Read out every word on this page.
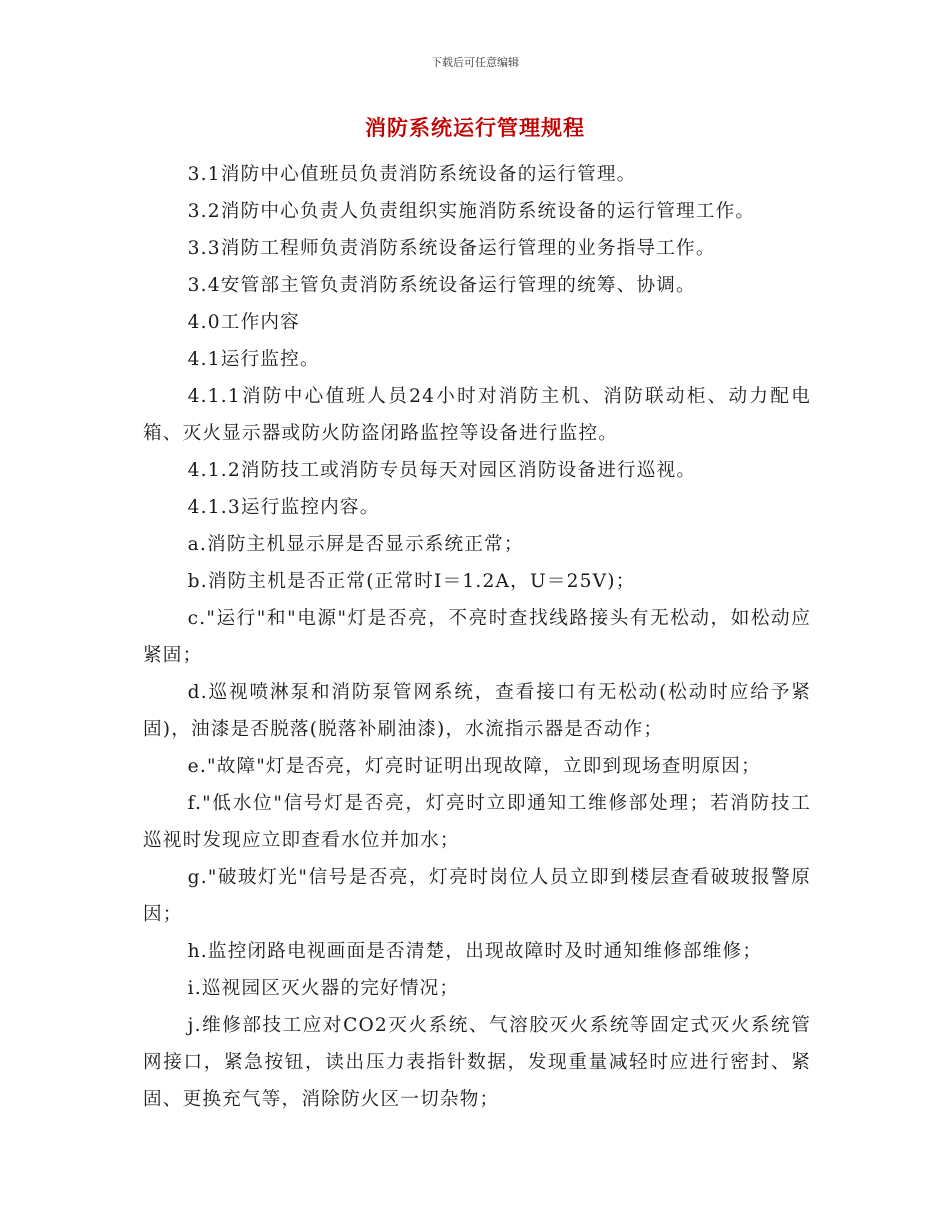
下载后可任意编辑
消防系统运行管理规程

3.1消防中心值班员负责消防系统设备的运行管理。

3.2消防中心负责人负责组织实施消防系统设备的运行管理工作。

3.3消防工程师负责消防系统设备运行管理的业务指导工作。

3.4安管部主管负责消防系统设备运行管理的统筹、协调。

4.0工作内容

4.1运行监控。

4.1.1消防中心值班人员24小时对消防主机、消防联动柜、动力配电箱、灭火显示器或防火防盗闭路监控等设备进行监控。

4.1.2消防技工或消防专员每天对园区消防设备进行巡视。

4.1.3运行监控内容。

a.消防主机显示屏是否显示系统正常；

b.消防主机是否正常(正常时I＝1.2A，U＝25V)；

c."运行"和"电源"灯是否亮，不亮时查找线路接头有无松动，如松动应紧固；

d.巡视喷淋泵和消防泵管网系统，查看接口有无松动(松动时应给予紧固)，油漆是否脱落(脱落补刷油漆)，水流指示器是否动作；

e."故障"灯是否亮，灯亮时证明出现故障，立即到现场查明原因；

f."低水位"信号灯是否亮，灯亮时立即通知工维修部处理；若消防技工巡视时发现应立即查看水位并加水；

g."破玻灯光"信号是否亮，灯亮时岗位人员立即到楼层查看破玻报警原因；

h.监控闭路电视画面是否清楚，出现故障时及时通知维修部维修；

i.巡视园区灭火器的完好情况；

j.维修部技工应对CO2灭火系统、气溶胶灭火系统等固定式灭火系统管网接口，紧急按钮，读出压力表指针数据，发现重量减轻时应进行密封、紧固、更换充气等，消除防火区一切杂物；
